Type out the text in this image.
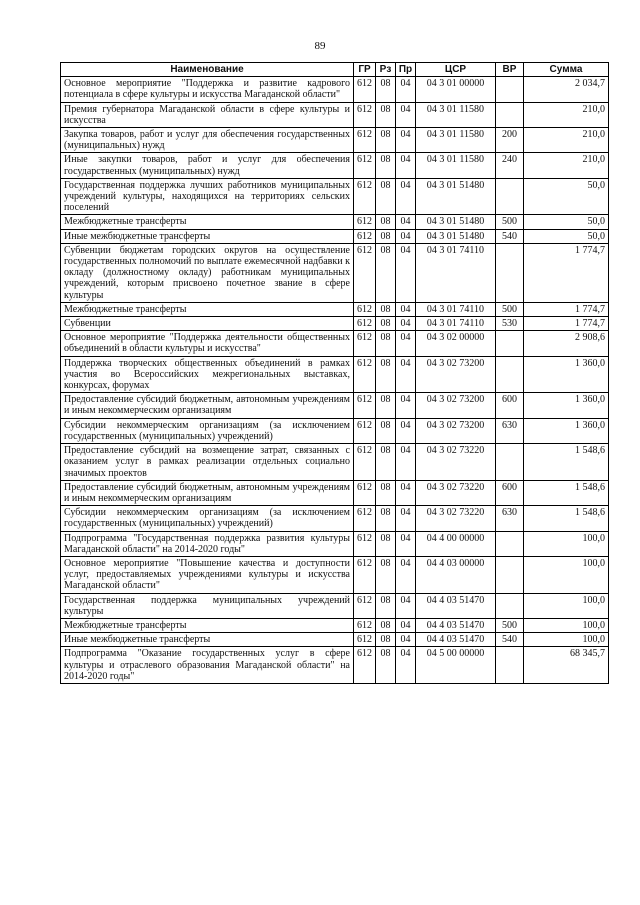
89
Наименование	ГР	Рз	Пр	ЦСР	ВР	Сумма
Основное мероприятие "Поддержка и развитие кадрового потенциала в сфере культуры и искусства Магаданской области"	612	08	04	04 3 01 00000		2 034,7
Премия губернатора Магаданской области в сфере культуры и искусства	612	08	04	04 3 01 11580		210,0
Закупка товаров, работ и услуг для обеспечения государственных (муниципальных) нужд	612	08	04	04 3 01 11580	200	210,0
Иные закупки товаров, работ и услуг для обеспечения государственных (муниципальных) нужд	612	08	04	04 3 01 11580	240	210,0
Государственная поддержка лучших работников муниципальных учреждений культуры, находящихся на территориях сельских поселений	612	08	04	04 3 01 51480		50,0
Межбюджетные трансферты	612	08	04	04 3 01 51480	500	50,0
Иные межбюджетные трансферты	612	08	04	04 3 01 51480	540	50,0
Субвенции бюджетам городских округов на осуществление государственных полномочий по выплате ежемесячной надбавки к окладу (должностному окладу) работникам муниципальных учреждений, которым присвоено почетное звание в сфере культуры	612	08	04	04 3 01 74110		1 774,7
Межбюджетные трансферты	612	08	04	04 3 01 74110	500	1 774,7
Субвенции	612	08	04	04 3 01 74110	530	1 774,7
Основное мероприятие "Поддержка деятельности общественных объединений в области культуры и искусства"	612	08	04	04 3 02 00000		2 908,6
Поддержка творческих общественных объединений в рамках участия во Всероссийских межрегиональных выставках, конкурсах, форумах	612	08	04	04 3 02 73200		1 360,0
Предоставление субсидий бюджетным, автономным учреждениям и иным некоммерческим организациям	612	08	04	04 3 02 73200	600	1 360,0
Субсидии некоммерческим организациям (за исключением государственных (муниципальных) учреждений)	612	08	04	04 3 02 73200	630	1 360,0
Предоставление субсидий на возмещение затрат, связанных с оказанием услуг в рамках реализации отдельных социально значимых проектов	612	08	04	04 3 02 73220		1 548,6
Предоставление субсидий бюджетным, автономным учреждениям и иным некоммерческим организациям	612	08	04	04 3 02 73220	600	1 548,6
Субсидии некоммерческим организациям (за исключением государственных (муниципальных) учреждений)	612	08	04	04 3 02 73220	630	1 548,6
Подпрограмма "Государственная поддержка развития культуры Магаданской области" на 2014-2020 годы"	612	08	04	04 4 00 00000		100,0
Основное мероприятие "Повышение качества и доступности услуг, предоставляемых учреждениями культуры и искусства Магаданской области"	612	08	04	04 4 03 00000		100,0
Государственная поддержка муниципальных учреждений культуры	612	08	04	04 4 03 51470		100,0
Межбюджетные трансферты	612	08	04	04 4 03 51470	500	100,0
Иные межбюджетные трансферты	612	08	04	04 4 03 51470	540	100,0
Подпрограмма "Оказание государственных услуг в сфере культуры и отраслевого образования Магаданской области" на 2014-2020 годы"	612	08	04	04 5 00 00000		68 345,7
